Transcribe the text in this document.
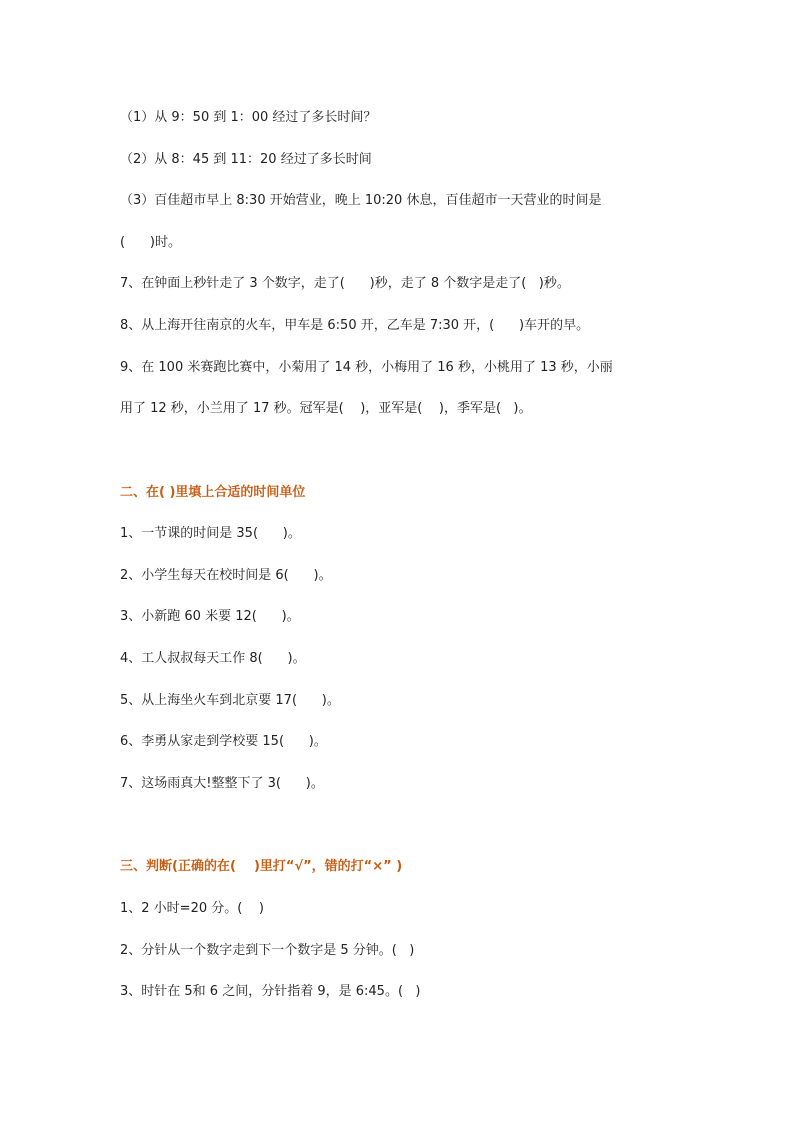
（1）从 9：50 到 1：00 经过了多长时间？
（2）从 8：45 到 11：20 经过了多长时间
（3）百佳超市早上 8:30 开始营业，晚上 10:20 休息，百佳超市一天营业的时间是
(      )时。
7、在钟面上秒针走了 3 个数字，走了(      )秒，走了 8 个数字是走了(   )秒。
8、从上海开往南京的火车，甲车是 6:50 开，乙车是 7:30 开，(      )车开的早。
9、在 100 米赛跑比赛中，小菊用了 14 秒，小梅用了 16 秒，小桃用了 13 秒，小丽
用了 12 秒，小兰用了 17 秒。冠军是(    )，亚军是(    )，季军是(   )。
二、在( )里填上合适的时间单位
1、一节课的时间是 35(      )。
2、小学生每天在校时间是 6(      )。
3、小新跑 60 米要 12(      )。
4、工人叔叔每天工作 8(      )。
5、从上海坐火车到北京要 17(      )。
6、李勇从家走到学校要 15(      )。
7、这场雨真大!整整下了 3(      )。
三、判断(正确的在(    )里打“√”，错的打“×” )
1、2 小时=20 分。(    )
2、分针从一个数字走到下一个数字是 5 分钟。(   )
3、时针在 5和 6 之间，分针指着 9，是 6:45。(   )
